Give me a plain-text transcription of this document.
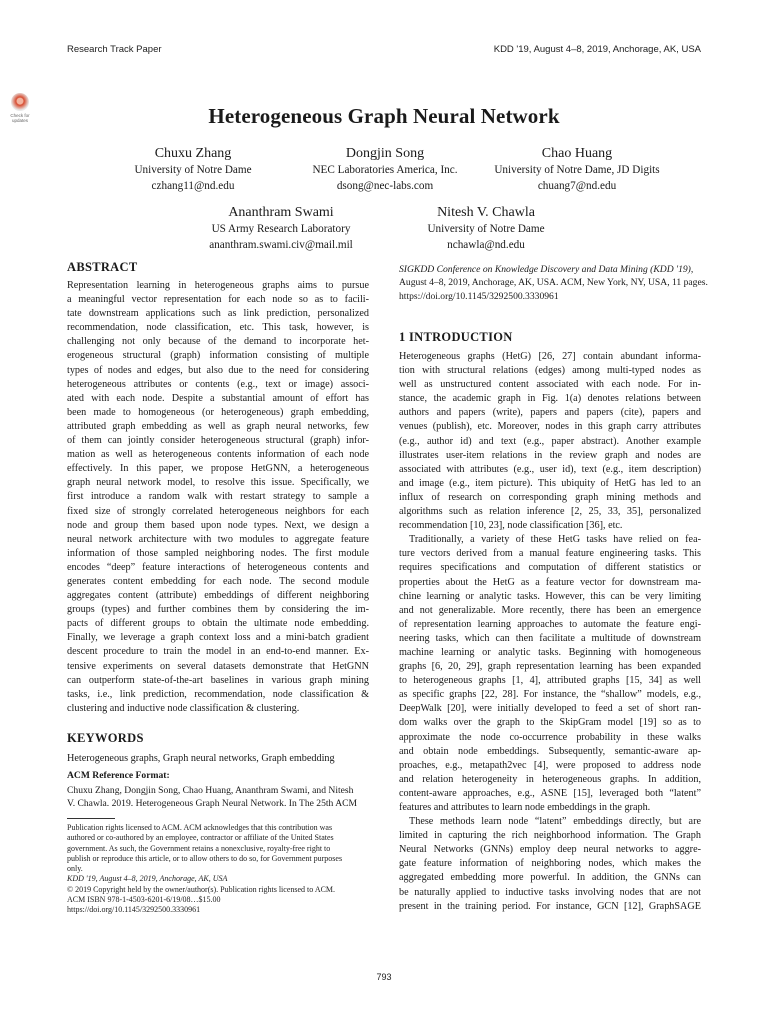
Research Track Paper	KDD '19, August 4–8, 2019, Anchorage, AK, USA
Check for
updates	Heterogeneous Graph Neural Network
Chuxu Zhang
University of Notre Dame
czhang11@nd.edu
Dongjin Song
NEC Laboratories America, Inc.
dsong@nec-labs.com
Chao Huang
University of Notre Dame, JD Digits
chuang7@nd.edu
Ananthram Swami
US Army Research Laboratory
ananthram.swami.civ@mail.mil
Nitesh V. Chawla
University of Notre Dame
nchawla@nd.edu
ABSTRACT
Representation learning in heterogeneous graphs aims to pursue
a meaningful vector representation for each node so as to facili-
tate downstream applications such as link prediction, personalized
recommendation, node classification, etc. This task, however, is
challenging not only because of the demand to incorporate het-
erogeneous structural (graph) information consisting of multiple
types of nodes and edges, but also due to the need for considering
heterogeneous attributes or contents (e.g., text or image) associ-
ated with each node. Despite a substantial amount of effort has
been made to homogeneous (or heterogeneous) graph embedding,
attributed graph embedding as well as graph neural networks, few
of them can jointly consider heterogeneous structural (graph) infor-
mation as well as heterogeneous contents information of each node
effectively. In this paper, we propose HetGNN, a heterogeneous
graph neural network model, to resolve this issue. Specifically, we
first introduce a random walk with restart strategy to sample a
fixed size of strongly correlated heterogeneous neighbors for each
node and group them based upon node types. Next, we design a
neural network architecture with two modules to aggregate feature
information of those sampled neighboring nodes. The first module
encodes “deep” feature interactions of heterogeneous contents and
generates content embedding for each node. The second module
aggregates content (attribute) embeddings of different neighboring
groups (types) and further combines them by considering the im-
pacts of different groups to obtain the ultimate node embedding.
Finally, we leverage a graph context loss and a mini-batch gradient
descent procedure to train the model in an end-to-end manner. Ex-
tensive experiments on several datasets demonstrate that HetGNN
can outperform state-of-the-art baselines in various graph mining
tasks, i.e., link prediction, recommendation, node classification &
clustering and inductive node classification & clustering.
KEYWORDS
Heterogeneous graphs, Graph neural networks, Graph embedding
ACM Reference Format:
Chuxu Zhang, Dongjin Song, Chao Huang, Ananthram Swami, and Nitesh
V. Chawla. 2019. Heterogeneous Graph Neural Network. In The 25th ACM
Publication rights licensed to ACM. ACM acknowledges that this contribution was
authored or co-authored by an employee, contractor or affiliate of the United States
government. As such, the Government retains a nonexclusive, royalty-free right to
publish or reproduce this article, or to allow others to do so, for Government purposes
only.
KDD '19, August 4–8, 2019, Anchorage, AK, USA
© 2019 Copyright held by the owner/author(s). Publication rights licensed to ACM.
ACM ISBN 978-1-4503-6201-6/19/08…$15.00
https://doi.org/10.1145/3292500.3330961
SIGKDD Conference on Knowledge Discovery and Data Mining (KDD '19),
August 4–8, 2019, Anchorage, AK, USA. ACM, New York, NY, USA, 11 pages.
https://doi.org/10.1145/3292500.3330961
1 INTRODUCTION
Heterogeneous graphs (HetG) [26, 27] contain abundant informa-
tion with structural relations (edges) among multi-typed nodes as
well as unstructured content associated with each node. For in-
stance, the academic graph in Fig. 1(a) denotes relations between
authors and papers (write), papers and papers (cite), papers and
venues (publish), etc. Moreover, nodes in this graph carry attributes
(e.g., author id) and text (e.g., paper abstract). Another example
illustrates user-item relations in the review graph and nodes are
associated with attributes (e.g., user id), text (e.g., item description)
and image (e.g., item picture). This ubiquity of HetG has led to an
influx of research on corresponding graph mining methods and
algorithms such as relation inference [2, 25, 33, 35], personalized
recommendation [10, 23], node classification [36], etc.
Traditionally, a variety of these HetG tasks have relied on fea-
ture vectors derived from a manual feature engineering tasks. This
requires specifications and computation of different statistics or
properties about the HetG as a feature vector for downstream ma-
chine learning or analytic tasks. However, this can be very limiting
and not generalizable. More recently, there has been an emergence
of representation learning approaches to automate the feature engi-
neering tasks, which can then facilitate a multitude of downstream
machine learning or analytic tasks. Beginning with homogeneous
graphs [6, 20, 29], graph representation learning has been expanded
to heterogeneous graphs [1, 4], attributed graphs [15, 34] as well
as specific graphs [22, 28]. For instance, the “shallow” models, e.g.,
DeepWalk [20], were initially developed to feed a set of short ran-
dom walks over the graph to the SkipGram model [19] so as to
approximate the node co-occurrence probability in these walks
and obtain node embeddings. Subsequently, semantic-aware ap-
proaches, e.g., metapath2vec [4], were proposed to address node
and relation heterogeneity in heterogeneous graphs. In addition,
content-aware approaches, e.g., ASNE [15], leveraged both “latent”
features and attributes to learn node embeddings in the graph.
These methods learn node “latent” embeddings directly, but are
limited in capturing the rich neighborhood information. The Graph
Neural Networks (GNNs) employ deep neural networks to aggre-
gate feature information of neighboring nodes, which makes the
aggregated embedding more powerful. In addition, the GNNs can
be naturally applied to inductive tasks involving nodes that are not
present in the training period. For instance, GCN [12], GraphSAGE
793
